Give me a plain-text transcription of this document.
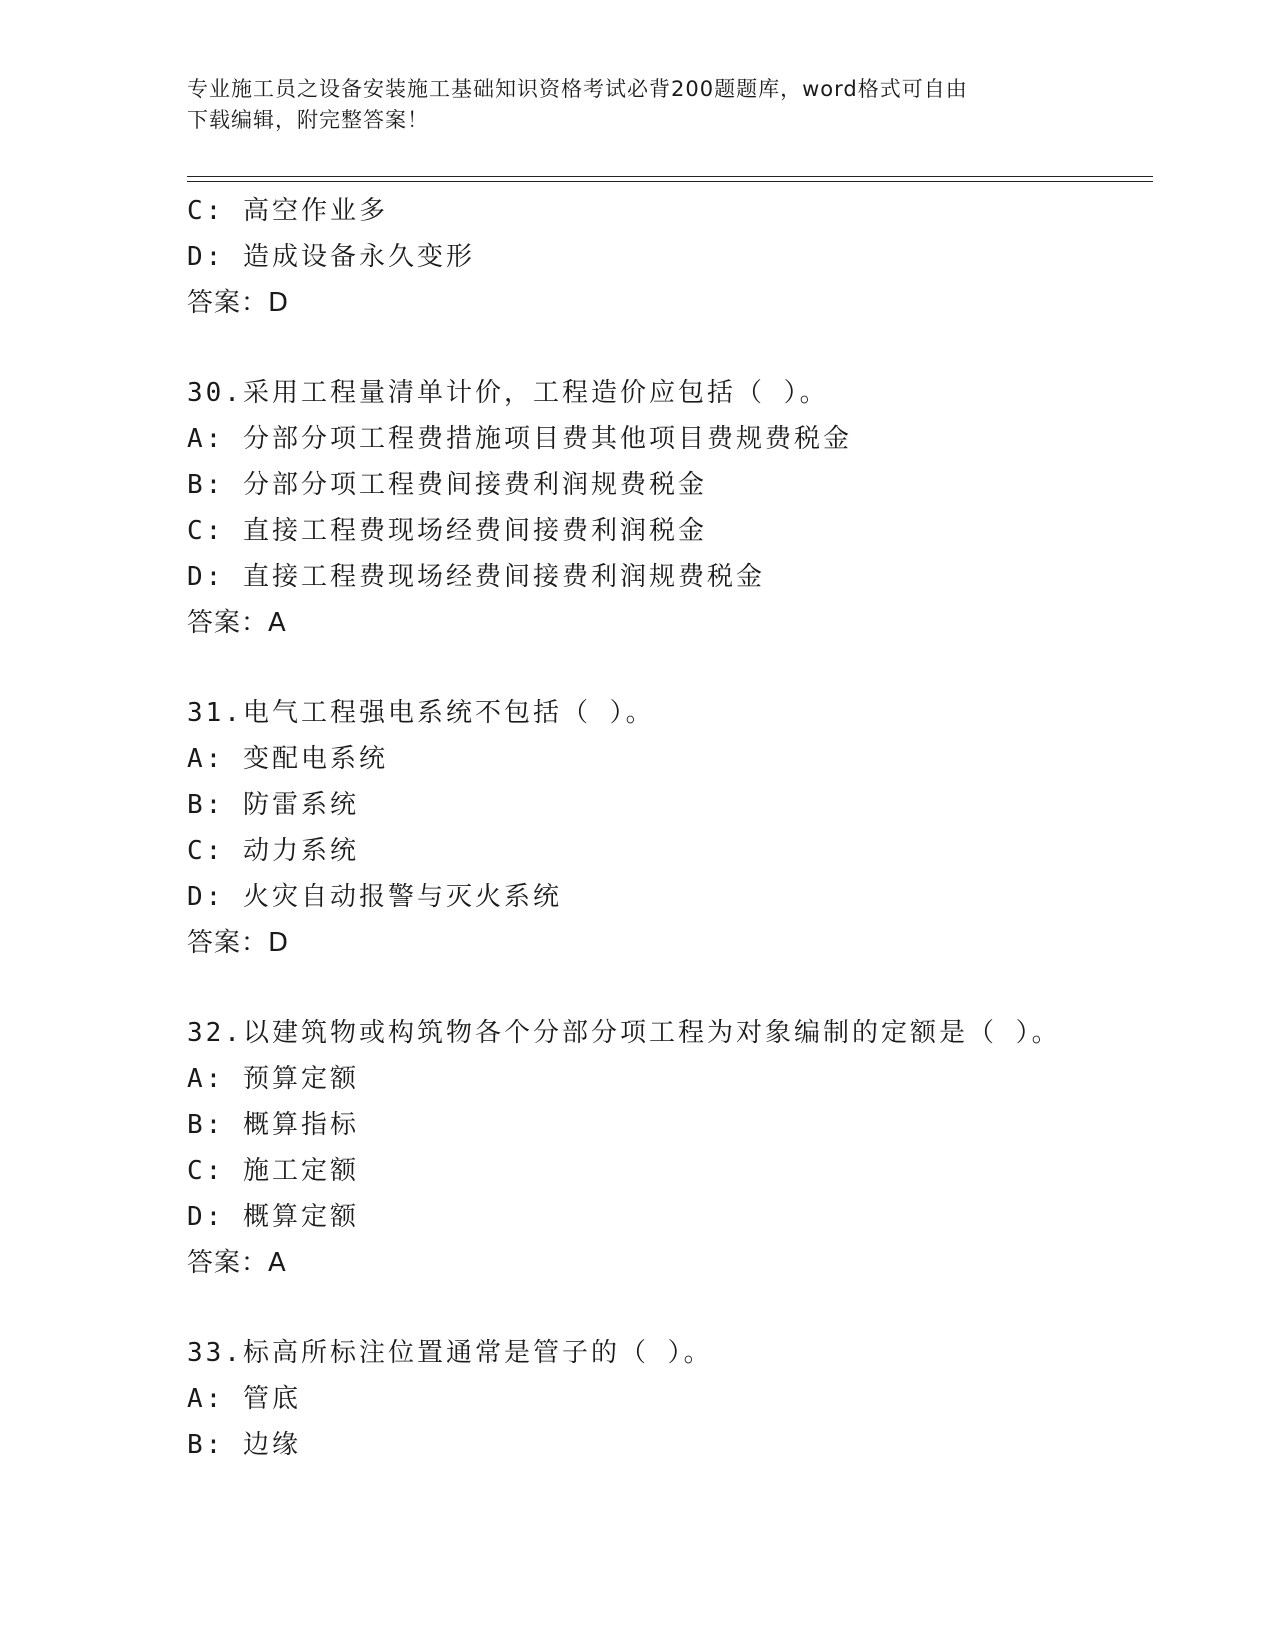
专业施工员之设备安装施工基础知识资格考试必背200题题库，word格式可自由
下载编辑，附完整答案！
C: 高空作业多
D: 造成设备永久变形
答案：D
30.采用工程量清单计价，工程造价应包括（ ）。
A: 分部分项工程费措施项目费其他项目费规费税金
B: 分部分项工程费间接费利润规费税金
C: 直接工程费现场经费间接费利润税金
D: 直接工程费现场经费间接费利润规费税金
答案：A
31.电气工程强电系统不包括（ ）。
A: 变配电系统
B: 防雷系统
C: 动力系统
D: 火灾自动报警与灭火系统
答案：D
32.以建筑物或构筑物各个分部分项工程为对象编制的定额是（ ）。
A: 预算定额
B: 概算指标
C: 施工定额
D: 概算定额
答案：A
33.标高所标注位置通常是管子的（ ）。
A: 管底
B: 边缘
